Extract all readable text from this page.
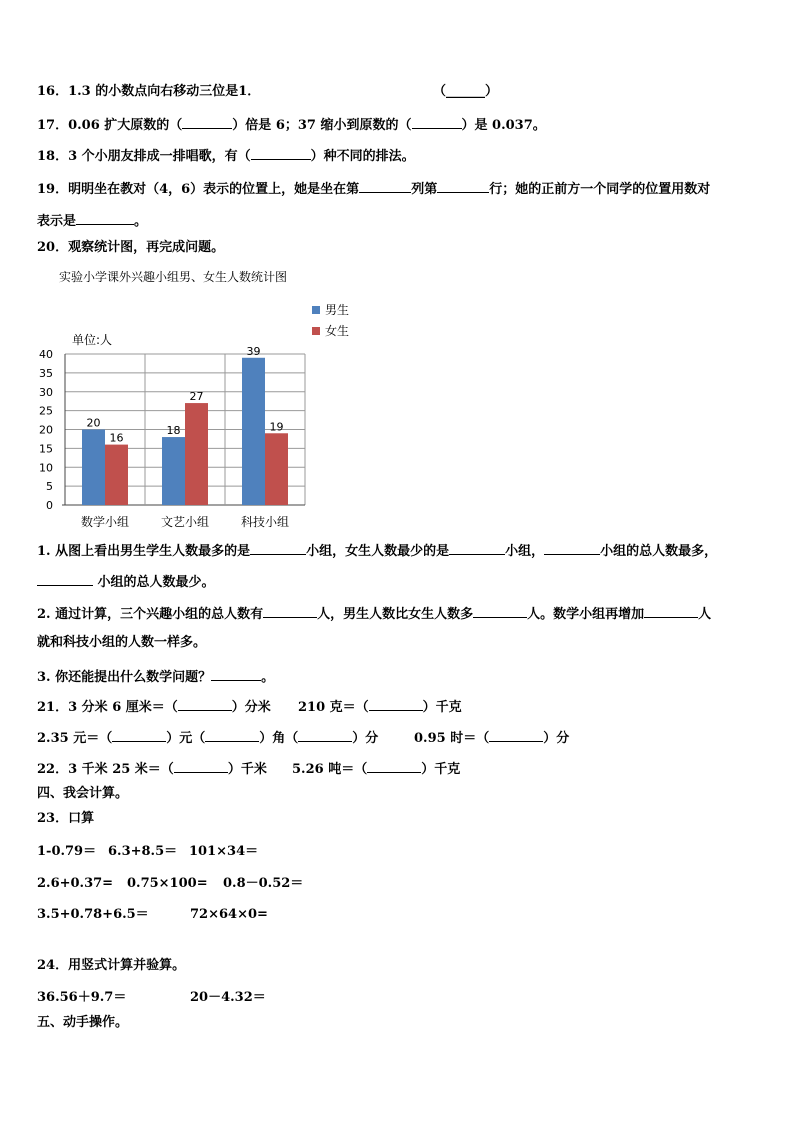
16．1.3 的小数点向右移动三位是1．	（______）
17．0.06 扩大原数的（	）倍是 6；37 缩小到原数的（	）是 0.037。
18．3 个小朋友排成一排唱歌，有（	）种不同的排法。
19．明明坐在教对（4，6）表示的位置上，她是坐在第	列第	行；她的正前方一个同学的位置用数对
表示是	。
20．观察统计图，再完成问题。
实验小学课外兴趣小组男、女生人数统计图
单位:人
0
5
10
15
20
25
30
35
40
20
16
数学小组
18
27
文艺小组
39
19
科技小组
男生
女生
1. 从图上看出男生学生人数最多的是	小组，女生人数最少的是	小组，	小组的总人数最多，
小组的总人数最少。
2. 通过计算，三个兴趣小组的总人数有	人，男生人数比女生人数多	人。数学小组再增加	人
就和科技小组的人数一样多。
3. 你还能提出什么数学问题？	。
21．3 分米 6 厘米＝（	）分米 210 克＝（	）千克
2.35 元＝（	）元（	）角（	）分	0.95 时＝（	）分
22．3 千米 25 米＝（	）千米 5.26 吨＝（	）千克
四、我会计算。
23．口算
1-0.79＝ 6.3+8.5＝ 101×34＝
2.6+0.37= 0.75×100= 0.8－0.52＝
3.5+0.78+6.5＝	72×64×0=
24．用竖式计算并验算。
36.56＋9.7＝	20－4.32＝
五、动手操作。
